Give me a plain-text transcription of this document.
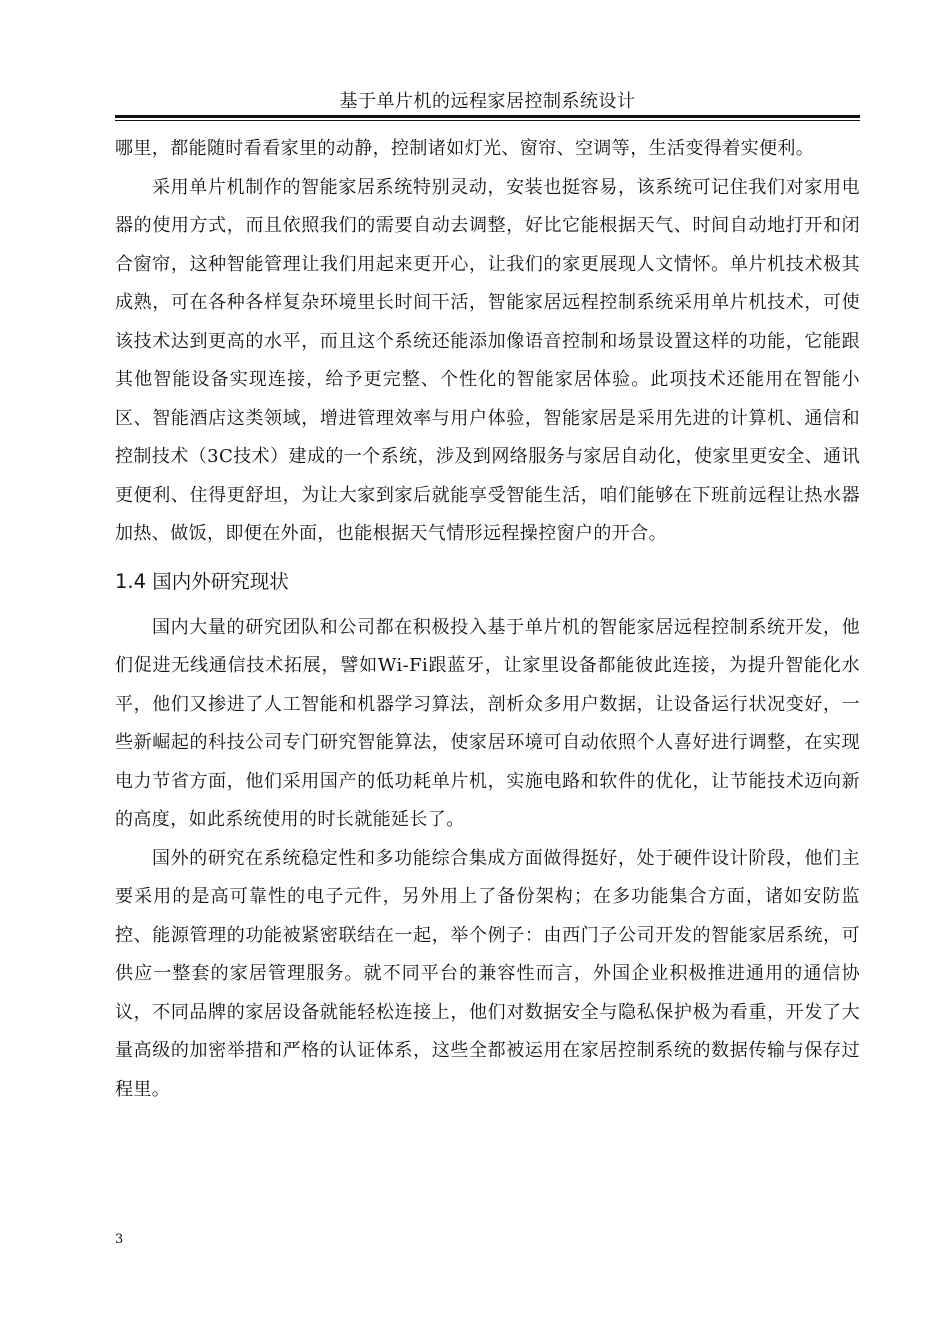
基于单片机的远程家居控制系统设计

哪里，都能随时看看家里的动静，控制诸如灯光、窗帘、空调等，生活变得着实便利。

采用单片机制作的智能家居系统特别灵动，安装也挺容易，该系统可记住我们对家用电器的使用方式，而且依照我们的需要自动去调整，好比它能根据天气、时间自动地打开和闭合窗帘，这种智能管理让我们用起来更开心，让我们的家更展现人文情怀。单片机技术极其成熟，可在各种各样复杂环境里长时间干活，智能家居远程控制系统采用单片机技术，可使该技术达到更高的水平，而且这个系统还能添加像语音控制和场景设置这样的功能，它能跟其他智能设备实现连接，给予更完整、个性化的智能家居体验。此项技术还能用在智能小区、智能酒店这类领域，增进管理效率与用户体验，智能家居是采用先进的计算机、通信和控制技术（3C技术）建成的一个系统，涉及到网络服务与家居自动化，使家里更安全、通讯更便利、住得更舒坦，为让大家到家后就能享受智能生活，咱们能够在下班前远程让热水器加热、做饭，即便在外面，也能根据天气情形远程操控窗户的开合。

1.4 国内外研究现状

国内大量的研究团队和公司都在积极投入基于单片机的智能家居远程控制系统开发，他们促进无线通信技术拓展，譬如Wi-Fi跟蓝牙，让家里设备都能彼此连接，为提升智能化水平，他们又掺进了人工智能和机器学习算法，剖析众多用户数据，让设备运行状况变好，一些新崛起的科技公司专门研究智能算法，使家居环境可自动依照个人喜好进行调整，在实现电力节省方面，他们采用国产的低功耗单片机，实施电路和软件的优化，让节能技术迈向新的高度，如此系统使用的时长就能延长了。

国外的研究在系统稳定性和多功能综合集成方面做得挺好，处于硬件设计阶段，他们主要采用的是高可靠性的电子元件，另外用上了备份架构；在多功能集合方面，诸如安防监控、能源管理的功能被紧密联结在一起，举个例子：由西门子公司开发的智能家居系统，可供应一整套的家居管理服务。就不同平台的兼容性而言，外国企业积极推进通用的通信协议，不同品牌的家居设备就能轻松连接上，他们对数据安全与隐私保护极为看重，开发了大量高级的加密举措和严格的认证体系，这些全都被运用在家居控制系统的数据传输与保存过程里。

3
